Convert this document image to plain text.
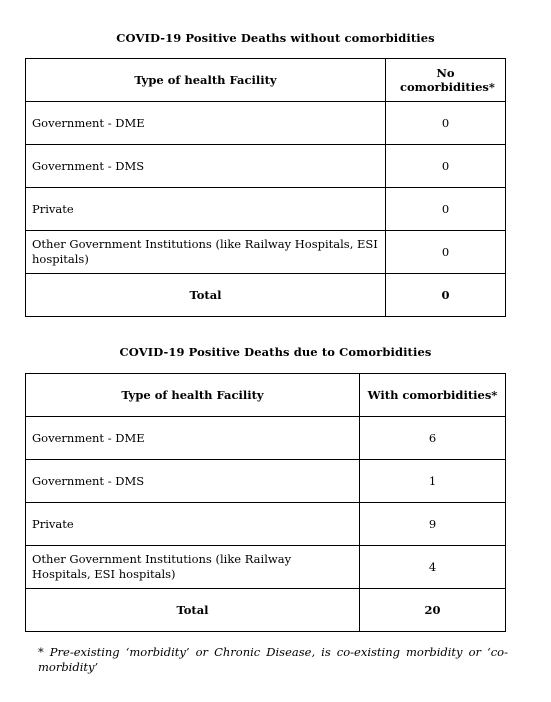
COVID-19 Positive Deaths without comorbidities
Type of health Facility	No comorbidities*
Government - DME	0
Government - DMS	0
Private	0
Other Government Institutions (like Railway Hospitals, ESI hospitals)	0
Total	0
COVID-19 Positive Deaths due to Comorbidities
Type of health Facility	With comorbidities*
Government - DME	6
Government - DMS	1
Private	9
Other Government Institutions (like Railway Hospitals, ESI hospitals)	4
Total	20
* Pre-existing ‘morbidity’ or Chronic Disease, is co-existing morbidity or ‘co-morbidity’
